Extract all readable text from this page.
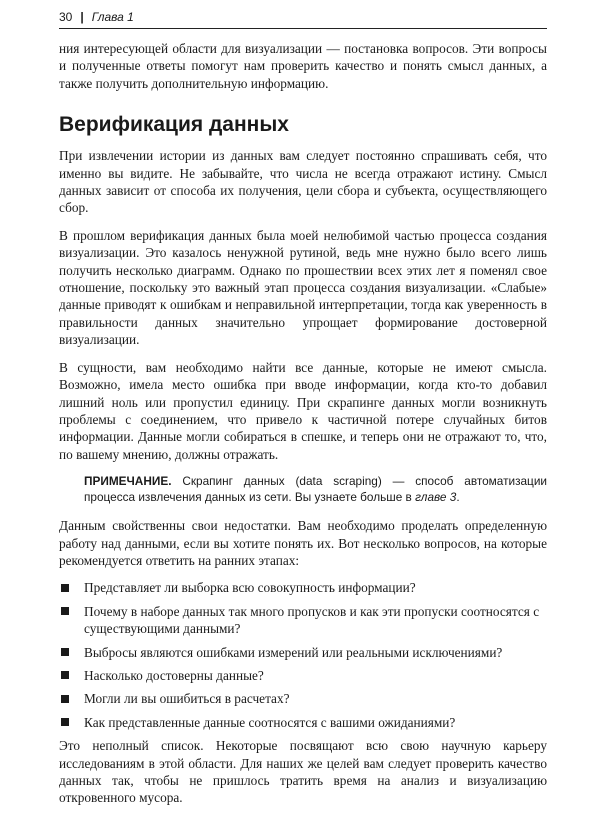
30 | Глава 1

ния интересующей области для визуализации — постановка вопросов. Эти вопросы и полученные ответы помогут нам проверить качество и понять смысл данных, а также получить дополнительную информацию.

Верификация данных

При извлечении истории из данных вам следует постоянно спрашивать себя, что именно вы видите. Не забывайте, что числа не всегда отражают истину. Смысл данных зависит от способа их получения, цели сбора и субъекта, осуществляющего сбор.

В прошлом верификация данных была моей нелюбимой частью процесса создания визуализации. Это казалось ненужной рутиной, ведь мне нужно было всего лишь получить несколько диаграмм. Однако по прошествии всех этих лет я поменял свое отношение, поскольку это важный этап процесса создания визуализации. «Слабые» данные приводят к ошибкам и неправильной интерпретации, тогда как уверенность в правильности данных значительно упрощает формирование достоверной визуализации.

В сущности, вам необходимо найти все данные, которые не имеют смысла. Возможно, имела место ошибка при вводе информации, когда кто-то добавил лишний ноль или пропустил единицу. При скрапинге данных могли возникнуть проблемы с соединением, что привело к частичной потере случайных битов информации. Данные могли собираться в спешке, и теперь они не отражают то, что, по вашему мнению, должны отражать.

ПРИМЕЧАНИЕ. Скрапинг данных (data scraping) — способ автоматизации процесса извлечения данных из сети. Вы узнаете больше в главе 3.

Данным свойственны свои недостатки. Вам необходимо проделать определенную работу над данными, если вы хотите понять их. Вот несколько вопросов, на которые рекомендуется ответить на ранних этапах:

Представляет ли выборка всю совокупность информации?
Почему в наборе данных так много пропусков и как эти пропуски соотносятся с существующими данными?
Выбросы являются ошибками измерений или реальными исключениями?
Насколько достоверны данные?
Могли ли вы ошибиться в расчетах?
Как представленные данные соотносятся с вашими ожиданиями?

Это неполный список. Некоторые посвящают всю свою научную карьеру исследованиям в этой области. Для наших же целей вам следует проверить качество данных так, чтобы не пришлось тратить время на анализ и визуализацию откровенного мусора.
